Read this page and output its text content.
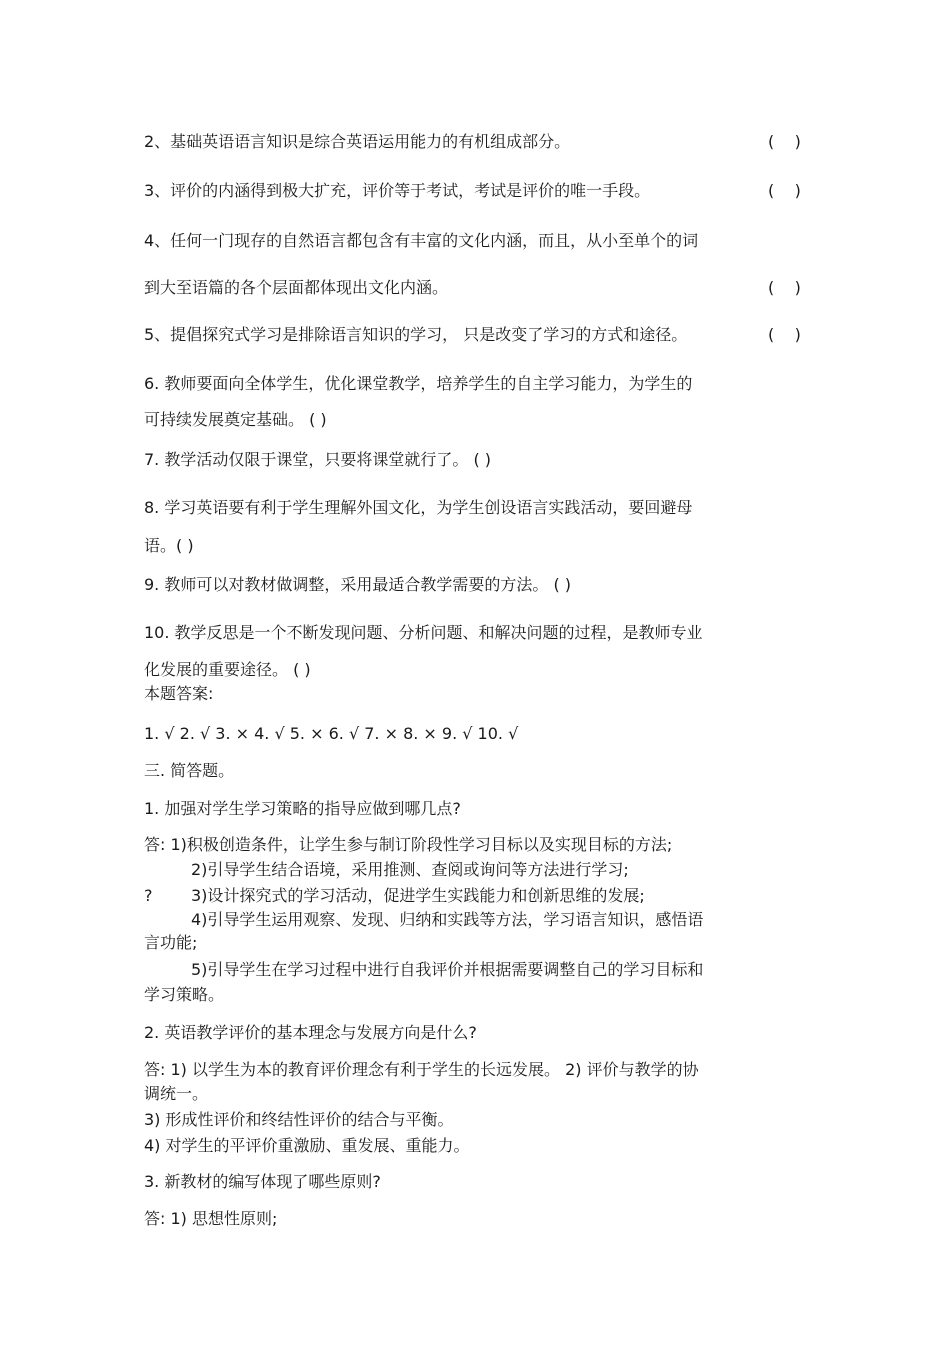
2、基础英语语言知识是综合英语运用能力的有机组成部分。	(    )
3、评价的内涵得到极大扩充，评价等于考试，考试是评价的唯一手段。	(    )
4、任何一门现存的自然语言都包含有丰富的文化内涵，而且，从小至单个的词
到大至语篇的各个层面都体现出文化内涵。	(    )
5、提倡探究式学习是排除语言知识的学习， 只是改变了学习的方式和途径。	(    )
6. 教师要面向全体学生，优化课堂教学，培养学生的自主学习能力，为学生的
可持续发展奠定基础。 ( )
7. 教学活动仅限于课堂，只要将课堂就行了。 ( )
8. 学习英语要有利于学生理解外国文化，为学生创设语言实践活动，要回避母
语。( )
9. 教师可以对教材做调整，采用最适合教学需要的方法。 ( )
10. 教学反思是一个不断发现问题、分析问题、和解决问题的过程，是教师专业
化发展的重要途径。 ( )
本题答案:
1. √ 2. √ 3. × 4. √ 5. × 6. √ 7. × 8. × 9. √ 10. √
三. 简答题。
1. 加强对学生学习策略的指导应做到哪几点?
答: 1)积极创造条件，让学生参与制订阶段性学习目标以及实现目标的方法;
2)引导学生结合语境，采用推测、查阅或询问等方法进行学习;
? 3)设计探究式的学习活动，促进学生实践能力和创新思维的发展;
4)引导学生运用观察、发现、归纳和实践等方法，学习语言知识，感悟语
言功能;
5)引导学生在学习过程中进行自我评价并根据需要调整自己的学习目标和
学习策略。
2. 英语教学评价的基本理念与发展方向是什么?
答: 1) 以学生为本的教育评价理念有利于学生的长远发展。 2) 评价与教学的协
调统一。
3) 形成性评价和终结性评价的结合与平衡。
4) 对学生的平评价重激励、重发展、重能力。
3. 新教材的编写体现了哪些原则?
答: 1) 思想性原则;
